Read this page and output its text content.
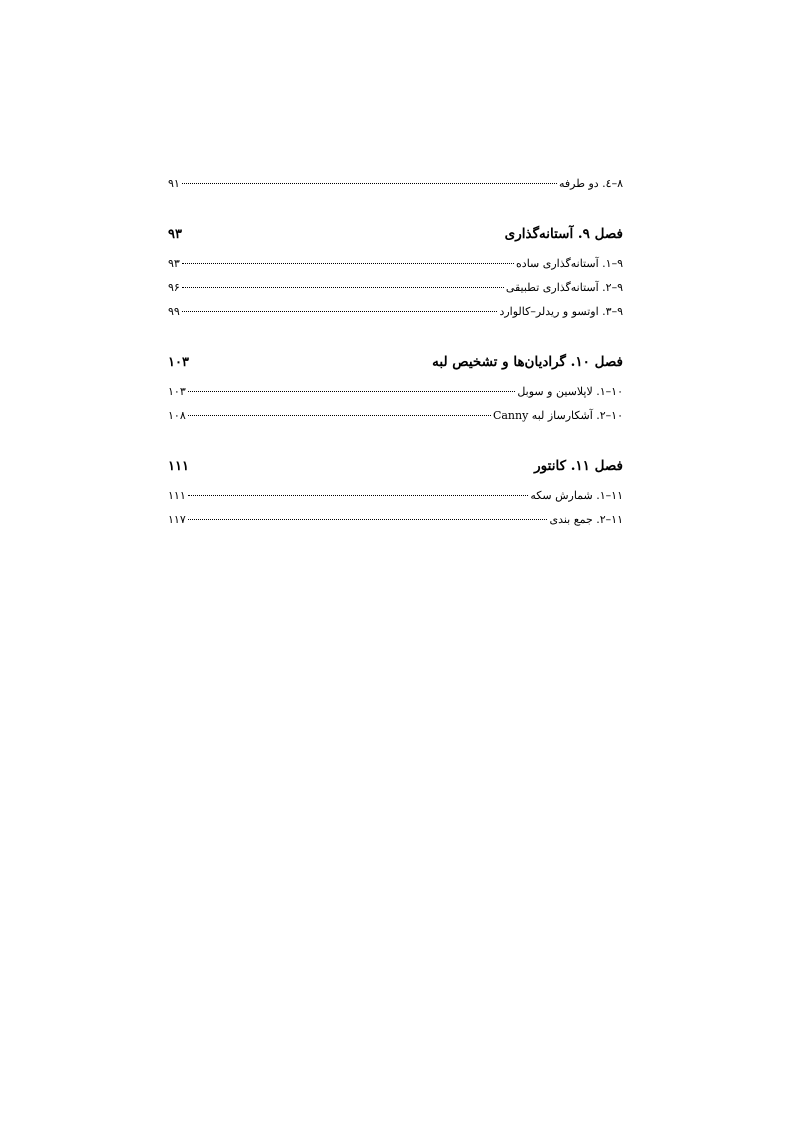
۸–٤. دو طرفه
۹۱
فصل ۹. آستانه‌گذاری
۹۳
۹–۱. آستانه‌گذاری ساده
۹۳
۹–۲. آستانه‌گذاری تطبیقی
۹۶
۹–۳. اوتسو و ریدلر–کالوارد
۹۹
فصل ۱۰. گرادیان‌ها و تشخیص لبه
۱۰۳
۱۰–۱. لاپلاسین و سوبل
۱۰۳
۱۰–۲. آشکارساز لبه Canny
۱۰۸
فصل ۱۱. کانتور
۱۱۱
۱۱–۱. شمارش سکه
۱۱۱
۱۱–۲. جمع بندی
۱۱۷
